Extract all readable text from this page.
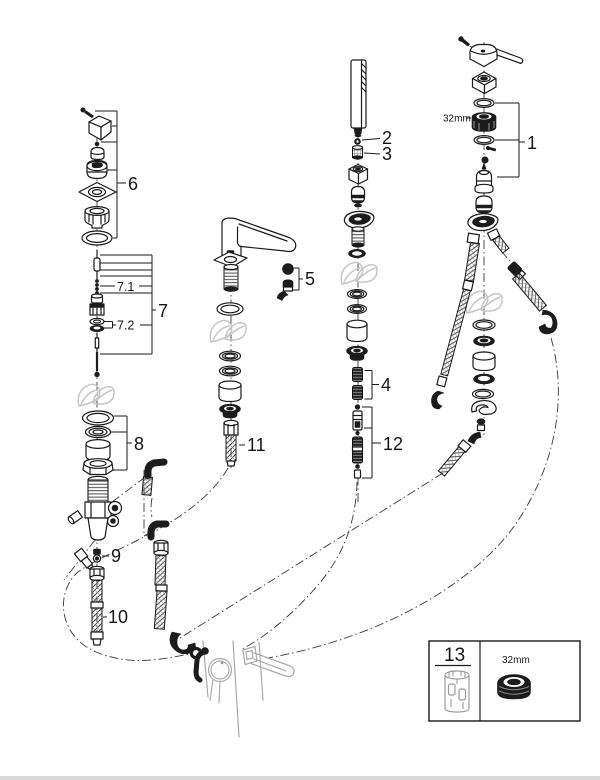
6
7.1
7
7.2
8
9
10
11
5
2
3
4
12
1
32mm
13	32mm
